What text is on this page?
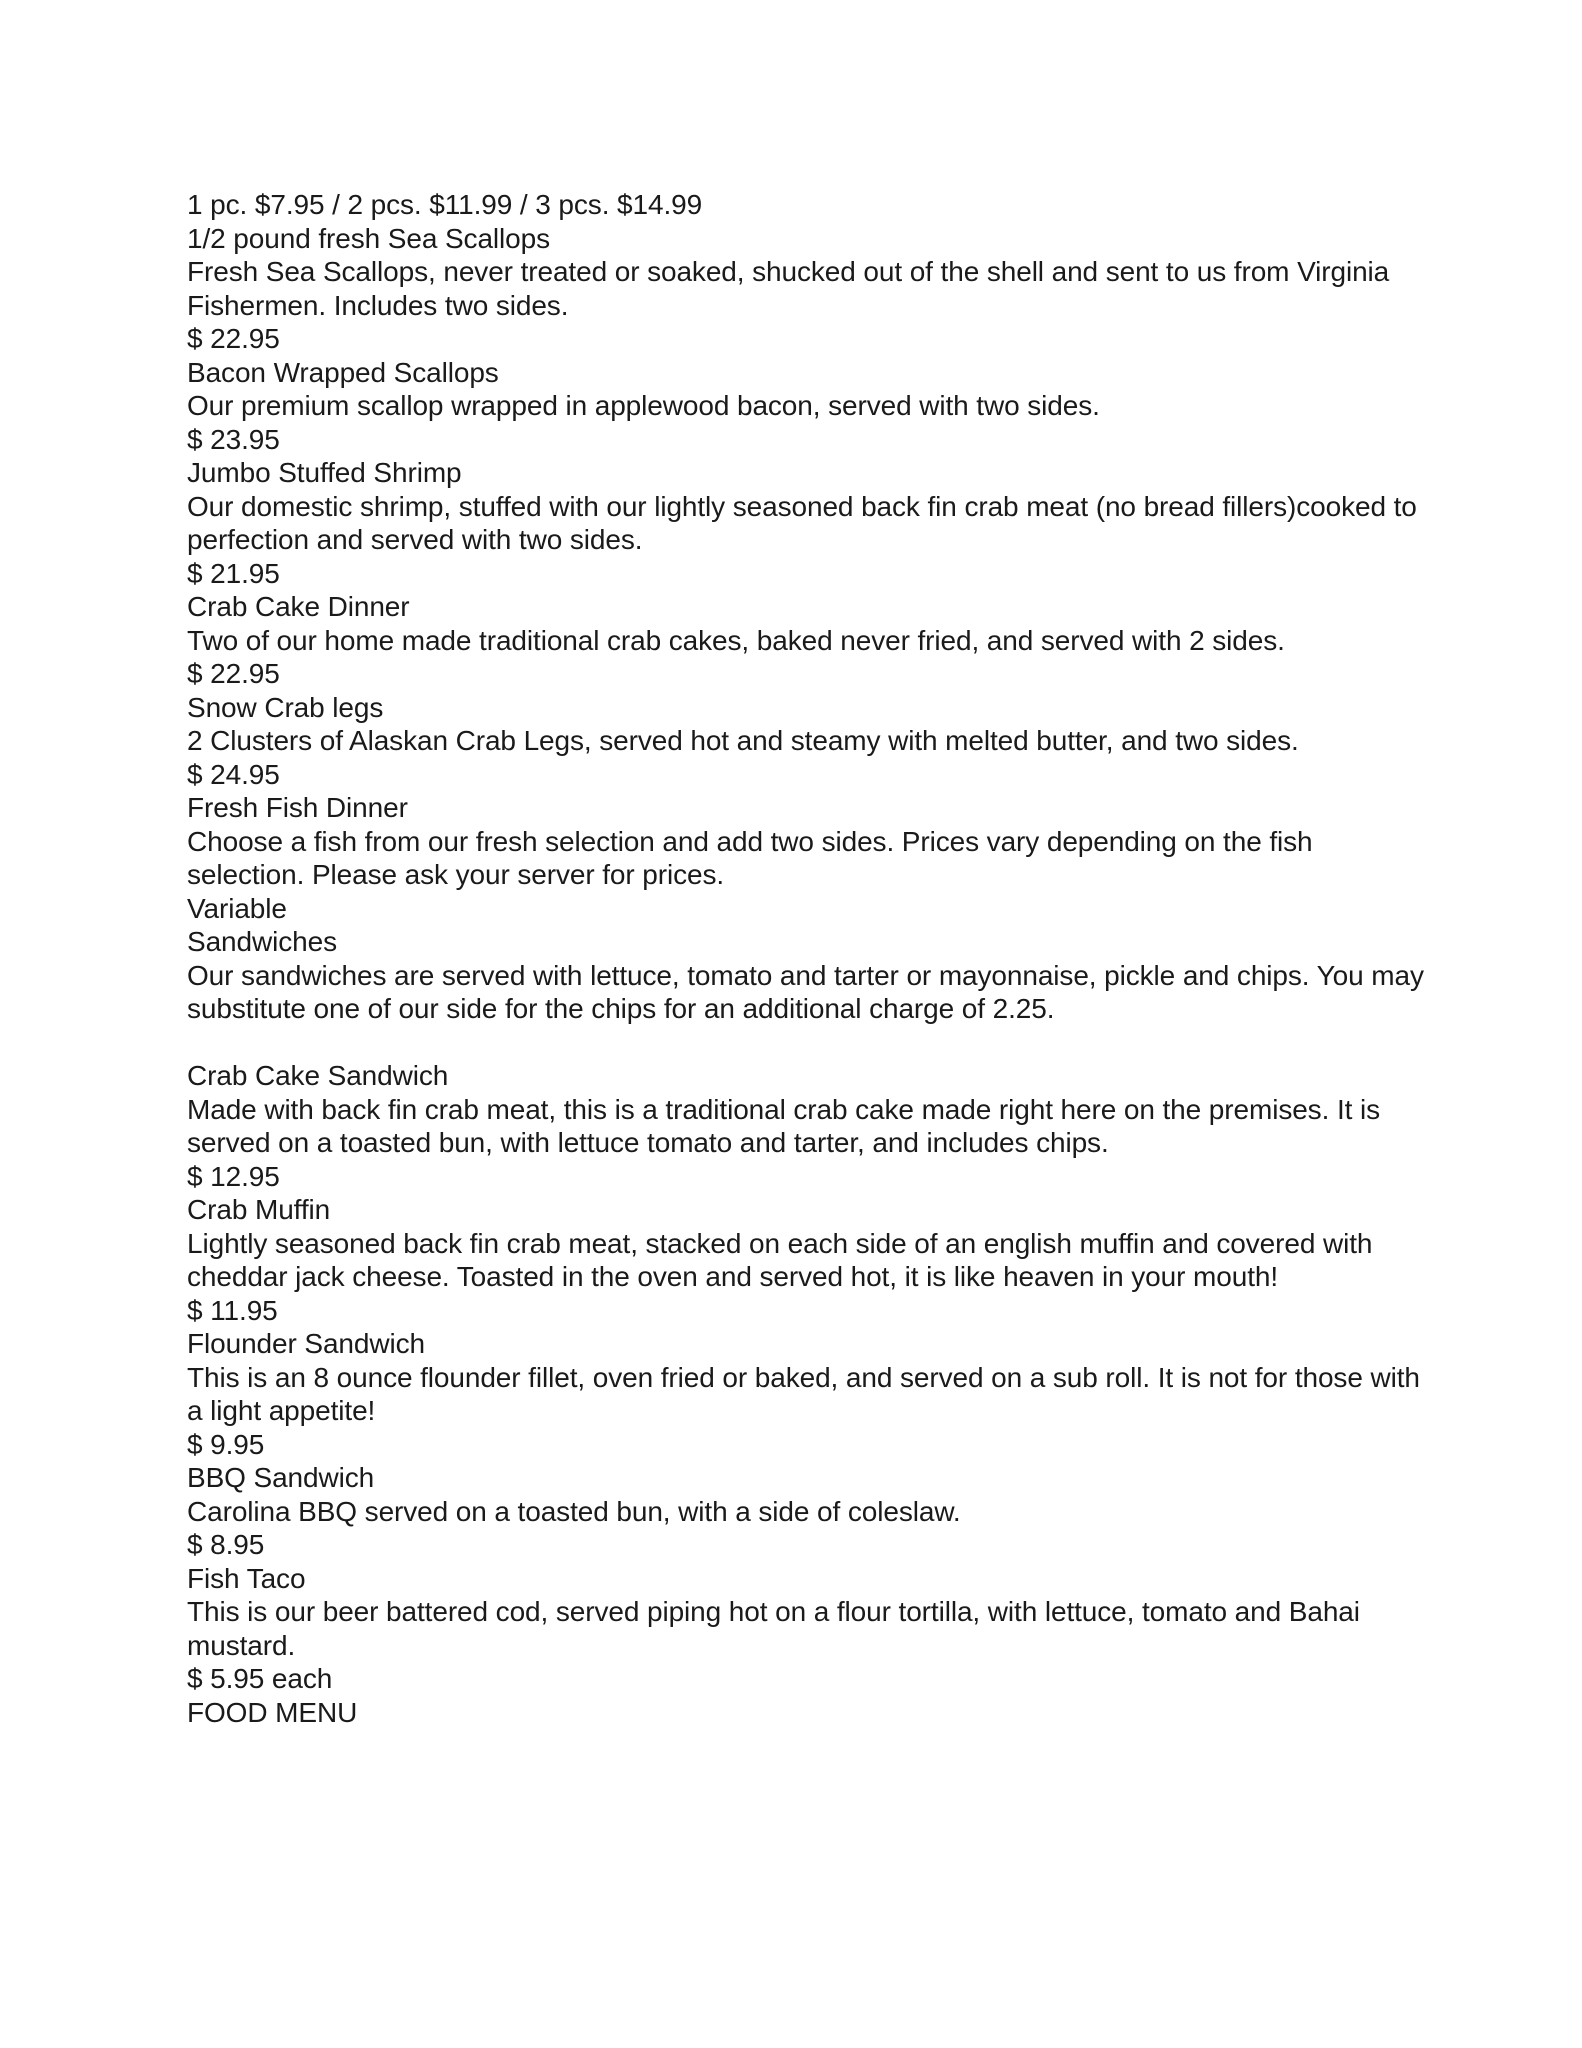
1 pc. $7.95 / 2 pcs. $11.99 / 3 pcs. $14.99

1/2 pound fresh Sea Scallops

Fresh Sea Scallops, never treated or soaked, shucked out of the shell and sent to us from Virginia Fishermen. Includes two sides.

$ 22.95

Bacon Wrapped Scallops

Our premium scallop wrapped in applewood bacon, served with two sides.

$ 23.95

Jumbo Stuffed Shrimp

Our domestic shrimp, stuffed with our lightly seasoned back fin crab meat (no bread fillers)cooked to perfection and served with two sides.

$ 21.95

Crab Cake Dinner

Two of our home made traditional crab cakes, baked never fried, and served with 2 sides.

$ 22.95

Snow Crab legs

2 Clusters of Alaskan Crab Legs, served hot and steamy with melted butter, and two sides.

$ 24.95

Fresh Fish Dinner

Choose a fish from our fresh selection and add two sides. Prices vary depending on the fish selection. Please ask your server for prices.

Variable

Sandwiches

Our sandwiches are served with lettuce, tomato and tarter or mayonnaise, pickle and chips. You may substitute one of our side for the chips for an additional charge of 2.25.

Crab Cake Sandwich

Made with back fin crab meat, this is a traditional crab cake made right here on the premises. It is served on a toasted bun, with lettuce tomato and tarter, and includes chips.

$ 12.95

Crab Muffin

Lightly seasoned back fin crab meat, stacked on each side of an english muffin and covered with cheddar jack cheese. Toasted in the oven and served hot, it is like heaven in your mouth!

$ 11.95

Flounder Sandwich

This is an 8 ounce flounder fillet, oven fried or baked, and served on a sub roll. It is not for those with a light appetite!

$ 9.95

BBQ Sandwich

Carolina BBQ served on a toasted bun, with a side of coleslaw.

$ 8.95

Fish Taco

This is our beer battered cod, served piping hot on a flour tortilla, with lettuce, tomato and Bahai mustard.

$ 5.95 each

FOOD MENU
